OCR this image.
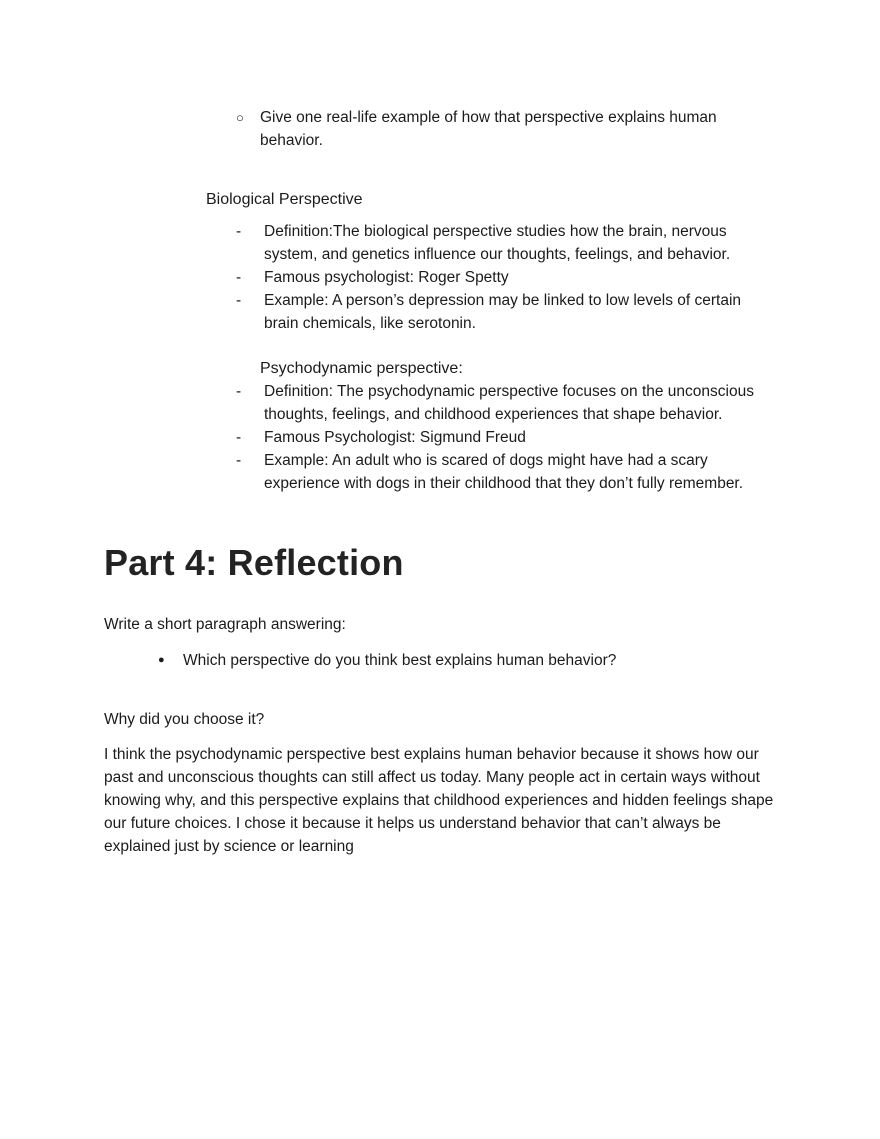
○	Give one real-life example of how that perspective explains human behavior.
Biological Perspective
-	Definition:The biological perspective studies how the brain, nervous system, and genetics influence our thoughts, feelings, and behavior.
-	Famous psychologist: Roger Spetty
-	Example: A person’s depression may be linked to low levels of certain brain chemicals, like serotonin.
Psychodynamic perspective:
-	Definition: The psychodynamic perspective focuses on the unconscious thoughts, feelings, and childhood experiences that shape behavior.
-	Famous Psychologist: Sigmund Freud
-	Example: An adult who is scared of dogs might have had a scary experience with dogs in their childhood that they don’t fully remember.
Part 4: Reflection
Write a short paragraph answering:
●	Which perspective do you think best explains human behavior?
Why did you choose it?
I think the psychodynamic perspective best explains human behavior because it shows how our past and unconscious thoughts can still affect us today. Many people act in certain ways without knowing why, and this perspective explains that childhood experiences and hidden feelings shape our future choices. I chose it because it helps us understand behavior that can’t always be explained just by science or learning
